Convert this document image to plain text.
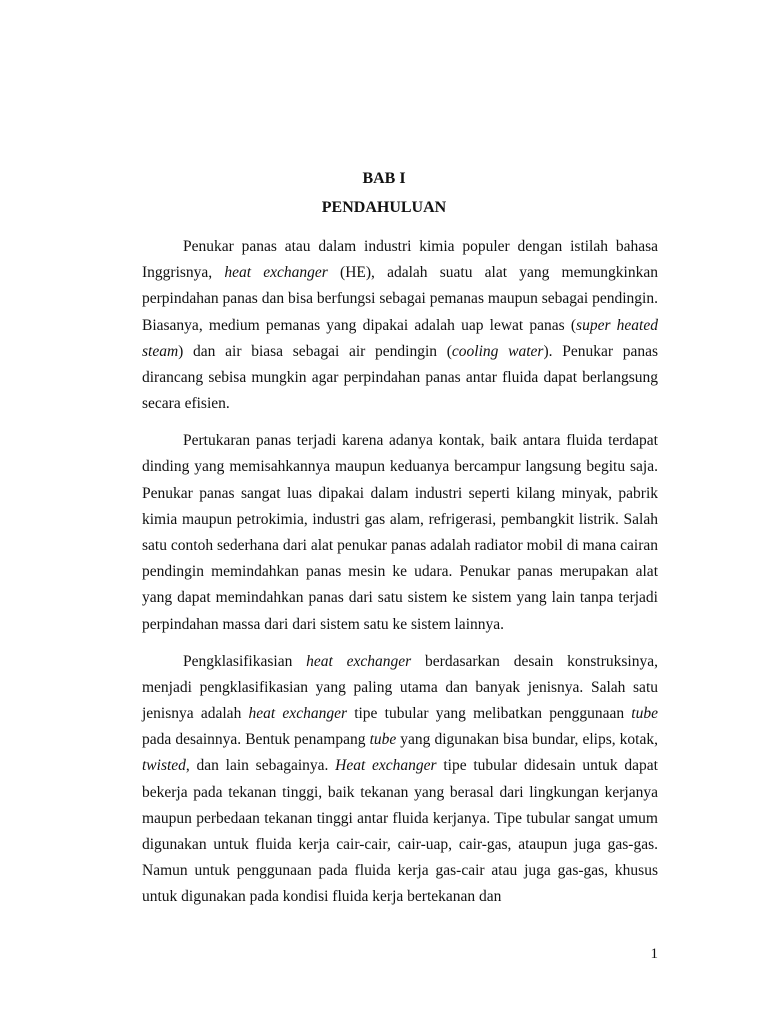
BAB I
PENDAHULUAN

Penukar panas atau dalam industri kimia populer dengan istilah bahasa Inggrisnya, heat exchanger (HE), adalah suatu alat yang memungkinkan perpindahan panas dan bisa berfungsi sebagai pemanas maupun sebagai pendingin. Biasanya, medium pemanas yang dipakai adalah uap lewat panas (super heated steam) dan air biasa sebagai air pendingin (cooling water). Penukar panas dirancang sebisa mungkin agar perpindahan panas antar fluida dapat berlangsung secara efisien.

Pertukaran panas terjadi karena adanya kontak, baik antara fluida terdapat dinding yang memisahkannya maupun keduanya bercampur langsung begitu saja. Penukar panas sangat luas dipakai dalam industri seperti kilang minyak, pabrik kimia maupun petrokimia, industri gas alam, refrigerasi, pembangkit listrik. Salah satu contoh sederhana dari alat penukar panas adalah radiator mobil di mana cairan pendingin memindahkan panas mesin ke udara. Penukar panas merupakan alat yang dapat memindahkan panas dari satu sistem ke sistem yang lain tanpa terjadi perpindahan massa dari dari sistem satu ke sistem lainnya.

Pengklasifikasian heat exchanger berdasarkan desain konstruksinya, menjadi pengklasifikasian yang paling utama dan banyak jenisnya. Salah satu jenisnya adalah heat exchanger tipe tubular yang melibatkan penggunaan tube pada desainnya. Bentuk penampang tube yang digunakan bisa bundar, elips, kotak, twisted, dan lain sebagainya. Heat exchanger tipe tubular didesain untuk dapat bekerja pada tekanan tinggi, baik tekanan yang berasal dari lingkungan kerjanya maupun perbedaan tekanan tinggi antar fluida kerjanya. Tipe tubular sangat umum digunakan untuk fluida kerja cair-cair, cair-uap, cair-gas, ataupun juga gas-gas. Namun untuk penggunaan pada fluida kerja gas-cair atau juga gas-gas, khusus untuk digunakan pada kondisi fluida kerja bertekanan dan

1
